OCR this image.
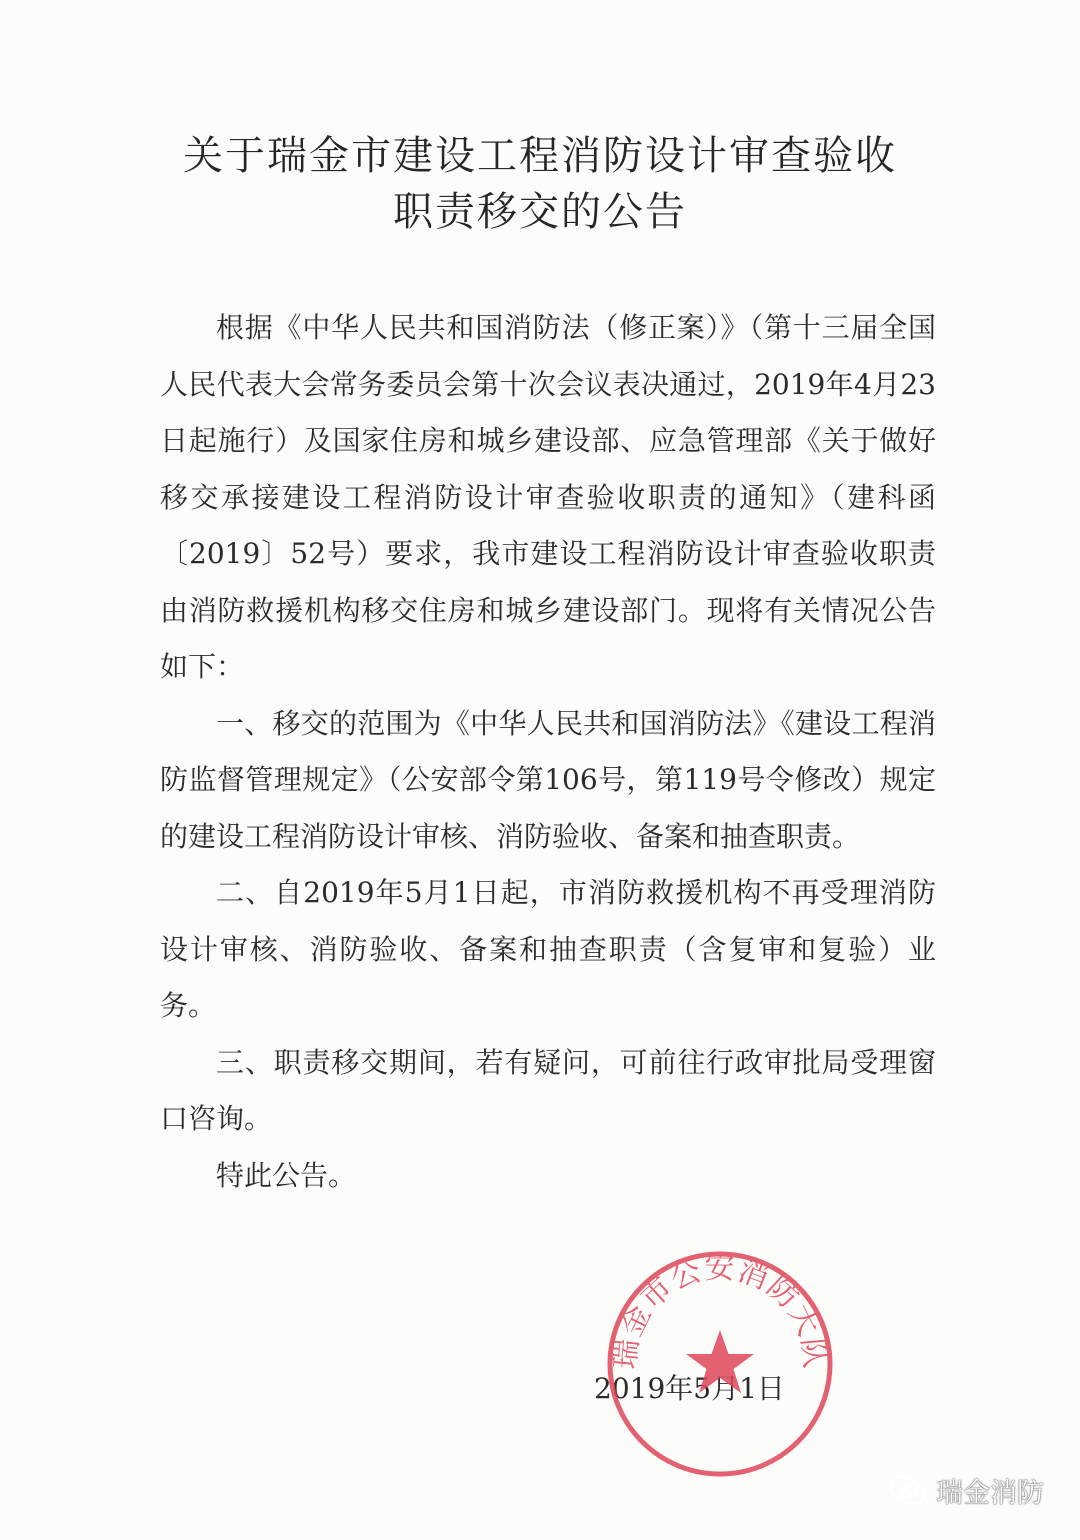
关于瑞金市建设工程消防设计审查验收
职责移交的公告

根据《中华人民共和国消防法（修正案）》（第十三届全国人民代表大会常务委员会第十次会议表决通过，2019年4月23日起施行）及国家住房和城乡建设部、应急管理部《关于做好移交承接建设工程消防设计审查验收职责的通知》（建科函〔2019〕52号）要求，我市建设工程消防设计审查验收职责由消防救援机构移交住房和城乡建设部门。现将有关情况公告如下：

一、移交的范围为《中华人民共和国消防法》《建设工程消防监督管理规定》（公安部令第106号，第119号令修改）规定的建设工程消防设计审核、消防验收、备案和抽查职责。

二、自2019年5月1日起，市消防救援机构不再受理消防设计审核、消防验收、备案和抽查职责（含复审和复验）业务。

三、职责移交期间，若有疑问，可前往行政审批局受理窗口咨询。

特此公告。

2019年5月1日
瑞金市公安消防大队
瑞金消防
